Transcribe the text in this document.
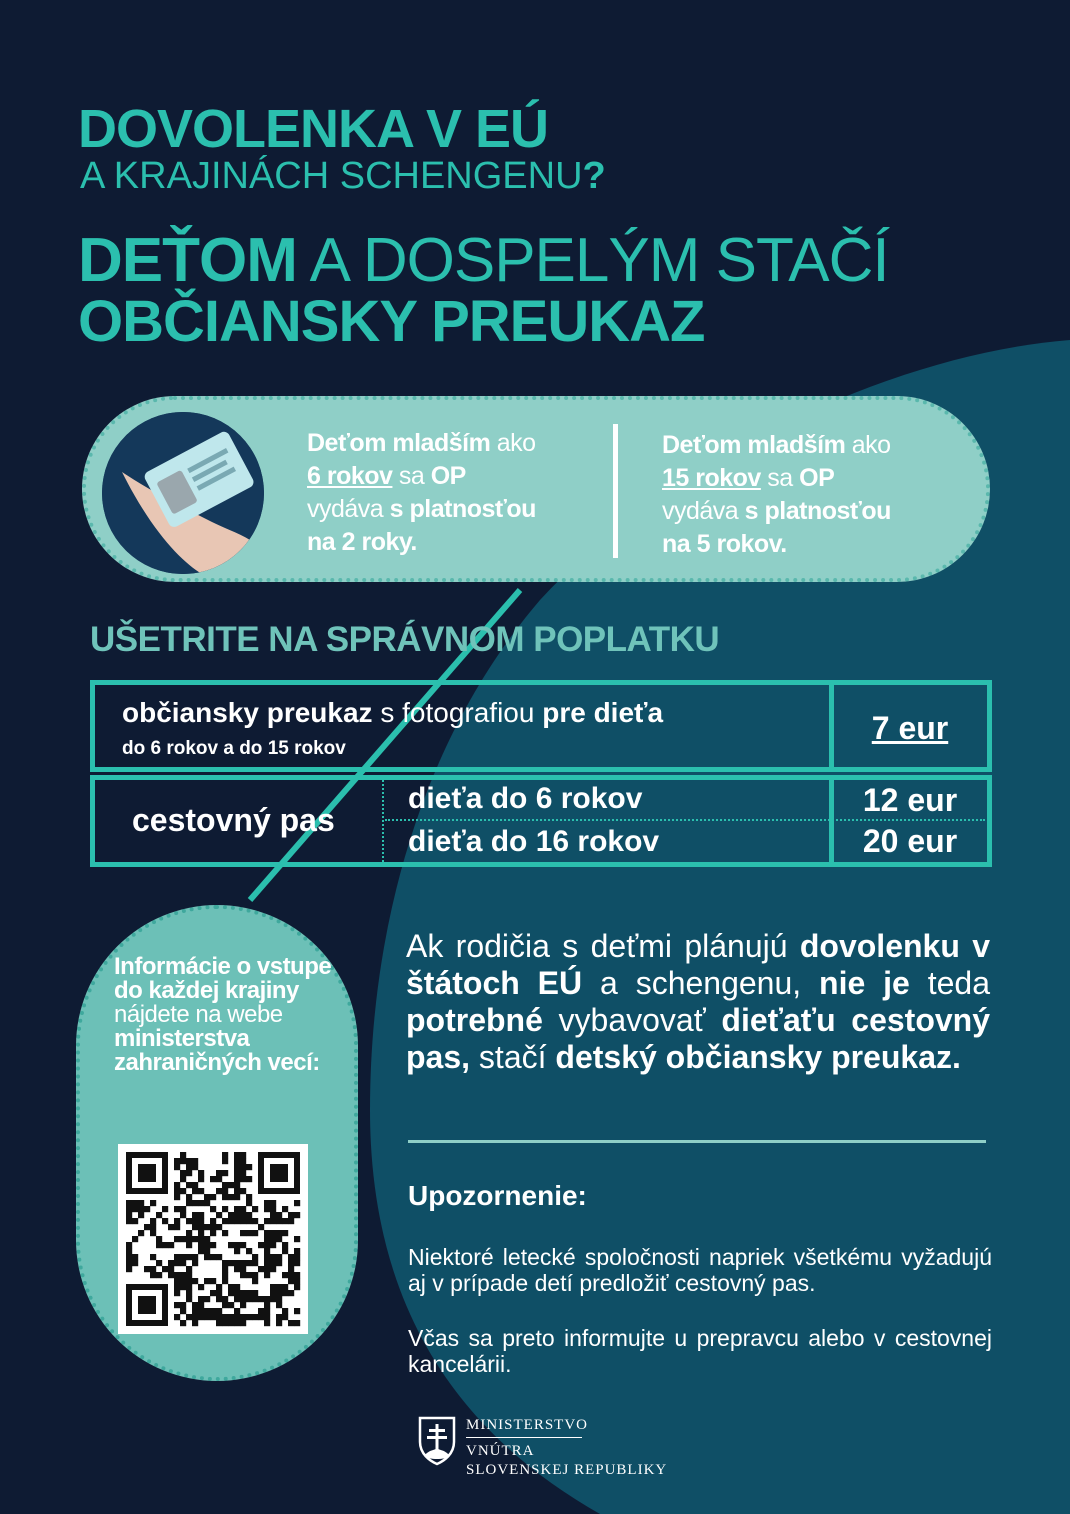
DOVOLENKA V EÚ
A KRAJINÁCH SCHENGENU?
DEŤOM A DOSPELÝM STAČÍ
OBČIANSKY PREUKAZ
Deťom mladším ako
6 rokov sa OP
vydáva s platnosťou
na 2 roky.
Deťom mladším ako
15 rokov sa OP
vydáva s platnosťou
na 5 rokov.
UŠETRITE NA SPRÁVNOM POPLATKU
občiansky preukaz s fotografiou pre dieťa
do 6 rokov a do 15 rokov
7 eur
cestovný pas
dieťa do 6 rokov	12 eur
dieťa do 16 rokov	20 eur
Informácie o vstupe do každej krajiny nájdete na webe ministerstva zahraničných vecí:
Ak rodičia s deťmi plánujú dovolenku v štátoch EÚ a schengenu, nie je teda potrebné vybavovať dieťaťu cestovný pas, stačí detský občiansky preukaz.
Upozornenie:
Niektoré letecké spoločnosti napriek všetkému vyžadujú aj v prípade detí predložiť cestovný pas.
Včas sa preto informujte u prepravcu alebo v cestovnej kancelárii.
MINISTERSTVO
VNÚTRA
SLOVENSKEJ REPUBLIKY
